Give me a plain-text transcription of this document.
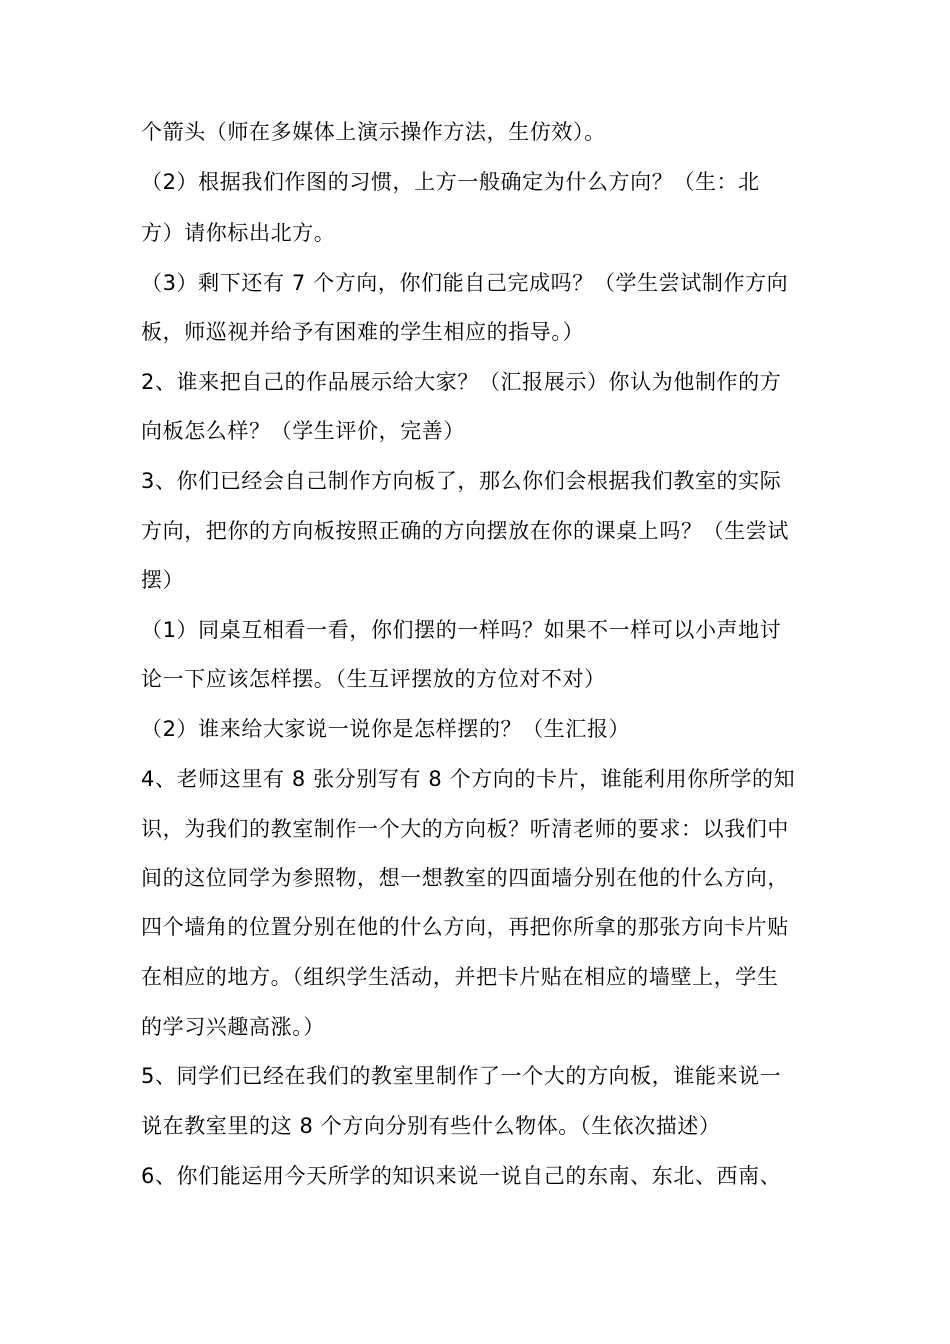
个箭头（师在多媒体上演示操作方法，生仿效）。
（2）根据我们作图的习惯，上方一般确定为什么方向？（生：北
方）请你标出北方。
（3）剩下还有 7 个方向，你们能自己完成吗？（学生尝试制作方向
板，师巡视并给予有困难的学生相应的指导。）
2、谁来把自己的作品展示给大家？（汇报展示）你认为他制作的方
向板怎么样？（学生评价，完善）
3、你们已经会自己制作方向板了，那么你们会根据我们教室的实际
方向，把你的方向板按照正确的方向摆放在你的课桌上吗？（生尝试
摆）
（1）同桌互相看一看，你们摆的一样吗？如果不一样可以小声地讨
论一下应该怎样摆。（生互评摆放的方位对不对）
（2）谁来给大家说一说你是怎样摆的？（生汇报）
4、老师这里有 8 张分别写有 8 个方向的卡片，谁能利用你所学的知
识，为我们的教室制作一个大的方向板？听清老师的要求：以我们中
间的这位同学为参照物，想一想教室的四面墙分别在他的什么方向，
四个墙角的位置分别在他的什么方向，再把你所拿的那张方向卡片贴
在相应的地方。（组织学生活动，并把卡片贴在相应的墙壁上，学生
的学习兴趣高涨。）
5、同学们已经在我们的教室里制作了一个大的方向板，谁能来说一
说在教室里的这 8 个方向分别有些什么物体。（生依次描述）
6、你们能运用今天所学的知识来说一说自己的东南、东北、西南、
